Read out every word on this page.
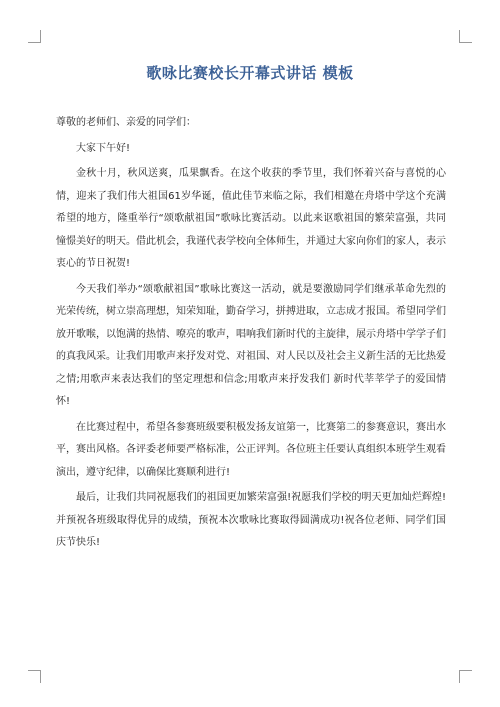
歌咏比赛校长开幕式讲话 模板

尊敬的老师们、亲爱的同学们：

大家下午好!

金秋十月，秋风送爽，瓜果飘香。在这个收获的季节里，我们怀着兴奋与喜悦的心情，迎来了我们伟大祖国61岁华诞，值此佳节来临之际，我们相邀在舟塔中学这个充满希望的地方，隆重举行“颂歌献祖国”歌咏比赛活动。以此来讴歌祖国的繁荣富强，共同憧憬美好的明天。借此机会，我谨代表学校向全体师生，并通过大家向你们的家人，表示衷心的节日祝贺!

今天我们举办“颂歌献祖国”歌咏比赛这一活动，就是要激励同学们继承革命先烈的光荣传统，树立崇高理想，知荣知耻，勤奋学习，拼搏进取，立志成才报国。希望同学们放开歌喉，以饱满的热情、嘹亮的歌声，唱响我们新时代的主旋律，展示舟塔中学学子们的真我风采。让我们用歌声来抒发对党、对祖国、对人民以及社会主义新生活的无比热爱之情;用歌声来表达我们的坚定理想和信念;用歌声来抒发我们 新时代莘莘学子的爱国情怀!

在比赛过程中，希望各参赛班级要积极发扬友谊第一，比赛第二的参赛意识，赛出水平，赛出风格。各评委老师要严格标准，公正评判。各位班主任要认真组织本班学生观看演出，遵守纪律，以确保比赛顺利进行!

最后，让我们共同祝愿我们的祖国更加繁荣富强!祝愿我们学校的明天更加灿烂辉煌!并预祝各班级取得优异的成绩，预祝本次歌咏比赛取得圆满成功!祝各位老师、同学们国庆节快乐!
